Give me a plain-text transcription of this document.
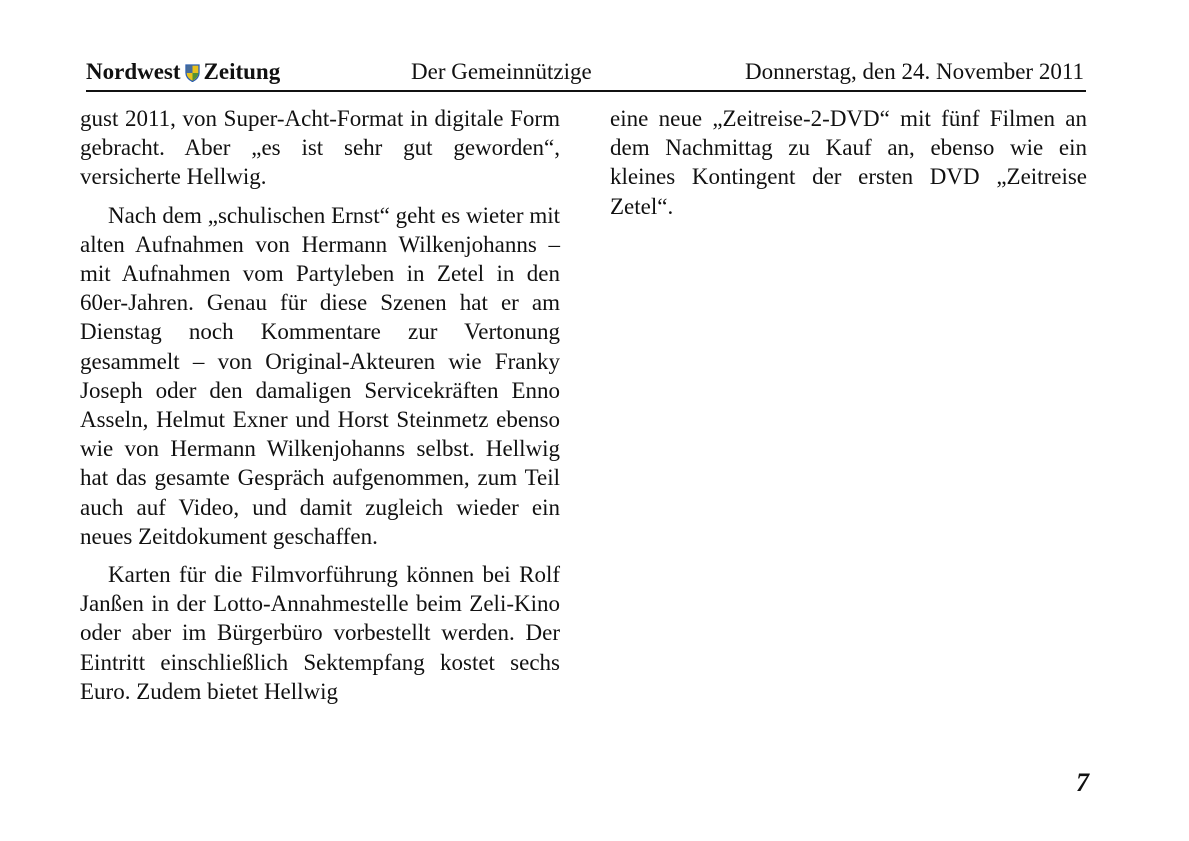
Nordwest Zeitung	Der Gemeinnützige	Donnerstag, den 24. November 2011

gust 2011, von Super-Acht-Format in digitale Form gebracht. Aber „es ist sehr gut geworden“, versicherte Hellwig.

Nach dem „schulischen Ernst“ geht es wieter mit alten Aufnahmen von Hermann Wilkenjohanns – mit Aufnahmen vom Partyleben in Zetel in den 60er-Jahren. Genau für diese Szenen hat er am Dienstag noch Kommentare zur Vertonung gesammelt – von Original-Akteuren wie Franky Joseph oder den damaligen Servicekräften Enno Asseln, Helmut Exner und Horst Steinmetz ebenso wie von Hermann Wilkenjohanns selbst. Hellwig hat das gesamte Gespräch aufgenommen, zum Teil auch auf Video, und damit zugleich wieder ein neues Zeitdokument geschaffen.

Karten für die Filmvorführung können bei Rolf Janßen in der Lotto-Annahmestelle beim Zeli-Kino oder aber im Bürgerbüro vorbestellt werden. Der Eintritt einschließlich Sektempfang kostet sechs Euro. Zudem bietet Hellwig

eine neue „Zeitreise-2-DVD“ mit fünf Filmen an dem Nachmittag zu Kauf an, ebenso wie ein kleines Kontingent der ersten DVD „Zeitreise Zetel“.

7
